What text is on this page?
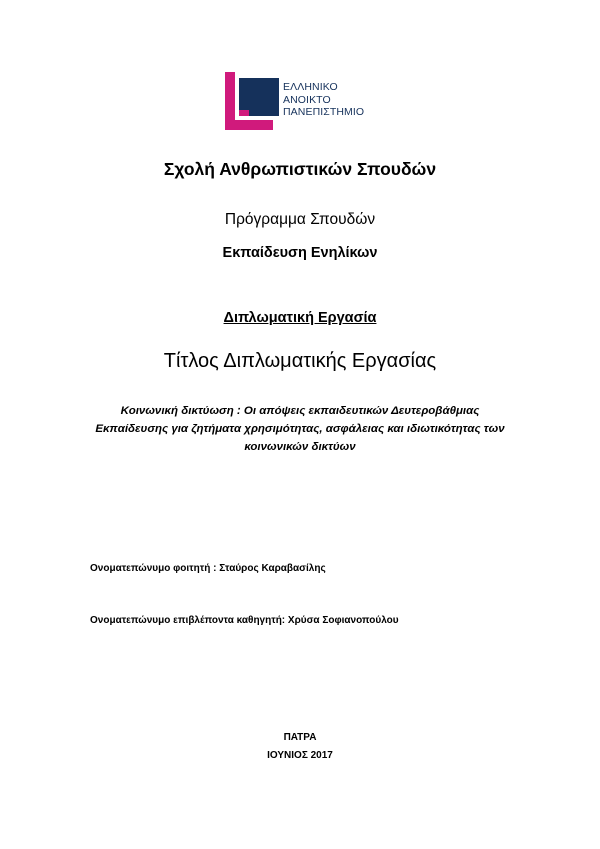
ΕΛΛΗΝΙΚΟ
ΑΝΟΙΚΤΟ
ΠΑΝΕΠΙΣΤΗΜΙΟ
Σχολή Ανθρωπιστικών Σπουδών
Πρόγραμμα Σπουδών
Εκπαίδευση Ενηλίκων
Διπλωματική Εργασία
Τίτλος Διπλωματικής Εργασίας
Κοινωνική δικτύωση : Οι απόψεις εκπαιδευτικών Δευτεροβάθμιας Εκπαίδευσης για ζητήματα χρησιμότητας, ασφάλειας και ιδιωτικότητας των κοινωνικών δικτύων
Ονοματεπώνυμο φοιτητή : Σταύρος Καραβασίλης
Ονοματεπώνυμο επιβλέποντα καθηγητή: Χρύσα Σοφιανοπούλου
ΠΑΤΡΑ
ΙΟΥΝΙΟΣ 2017
